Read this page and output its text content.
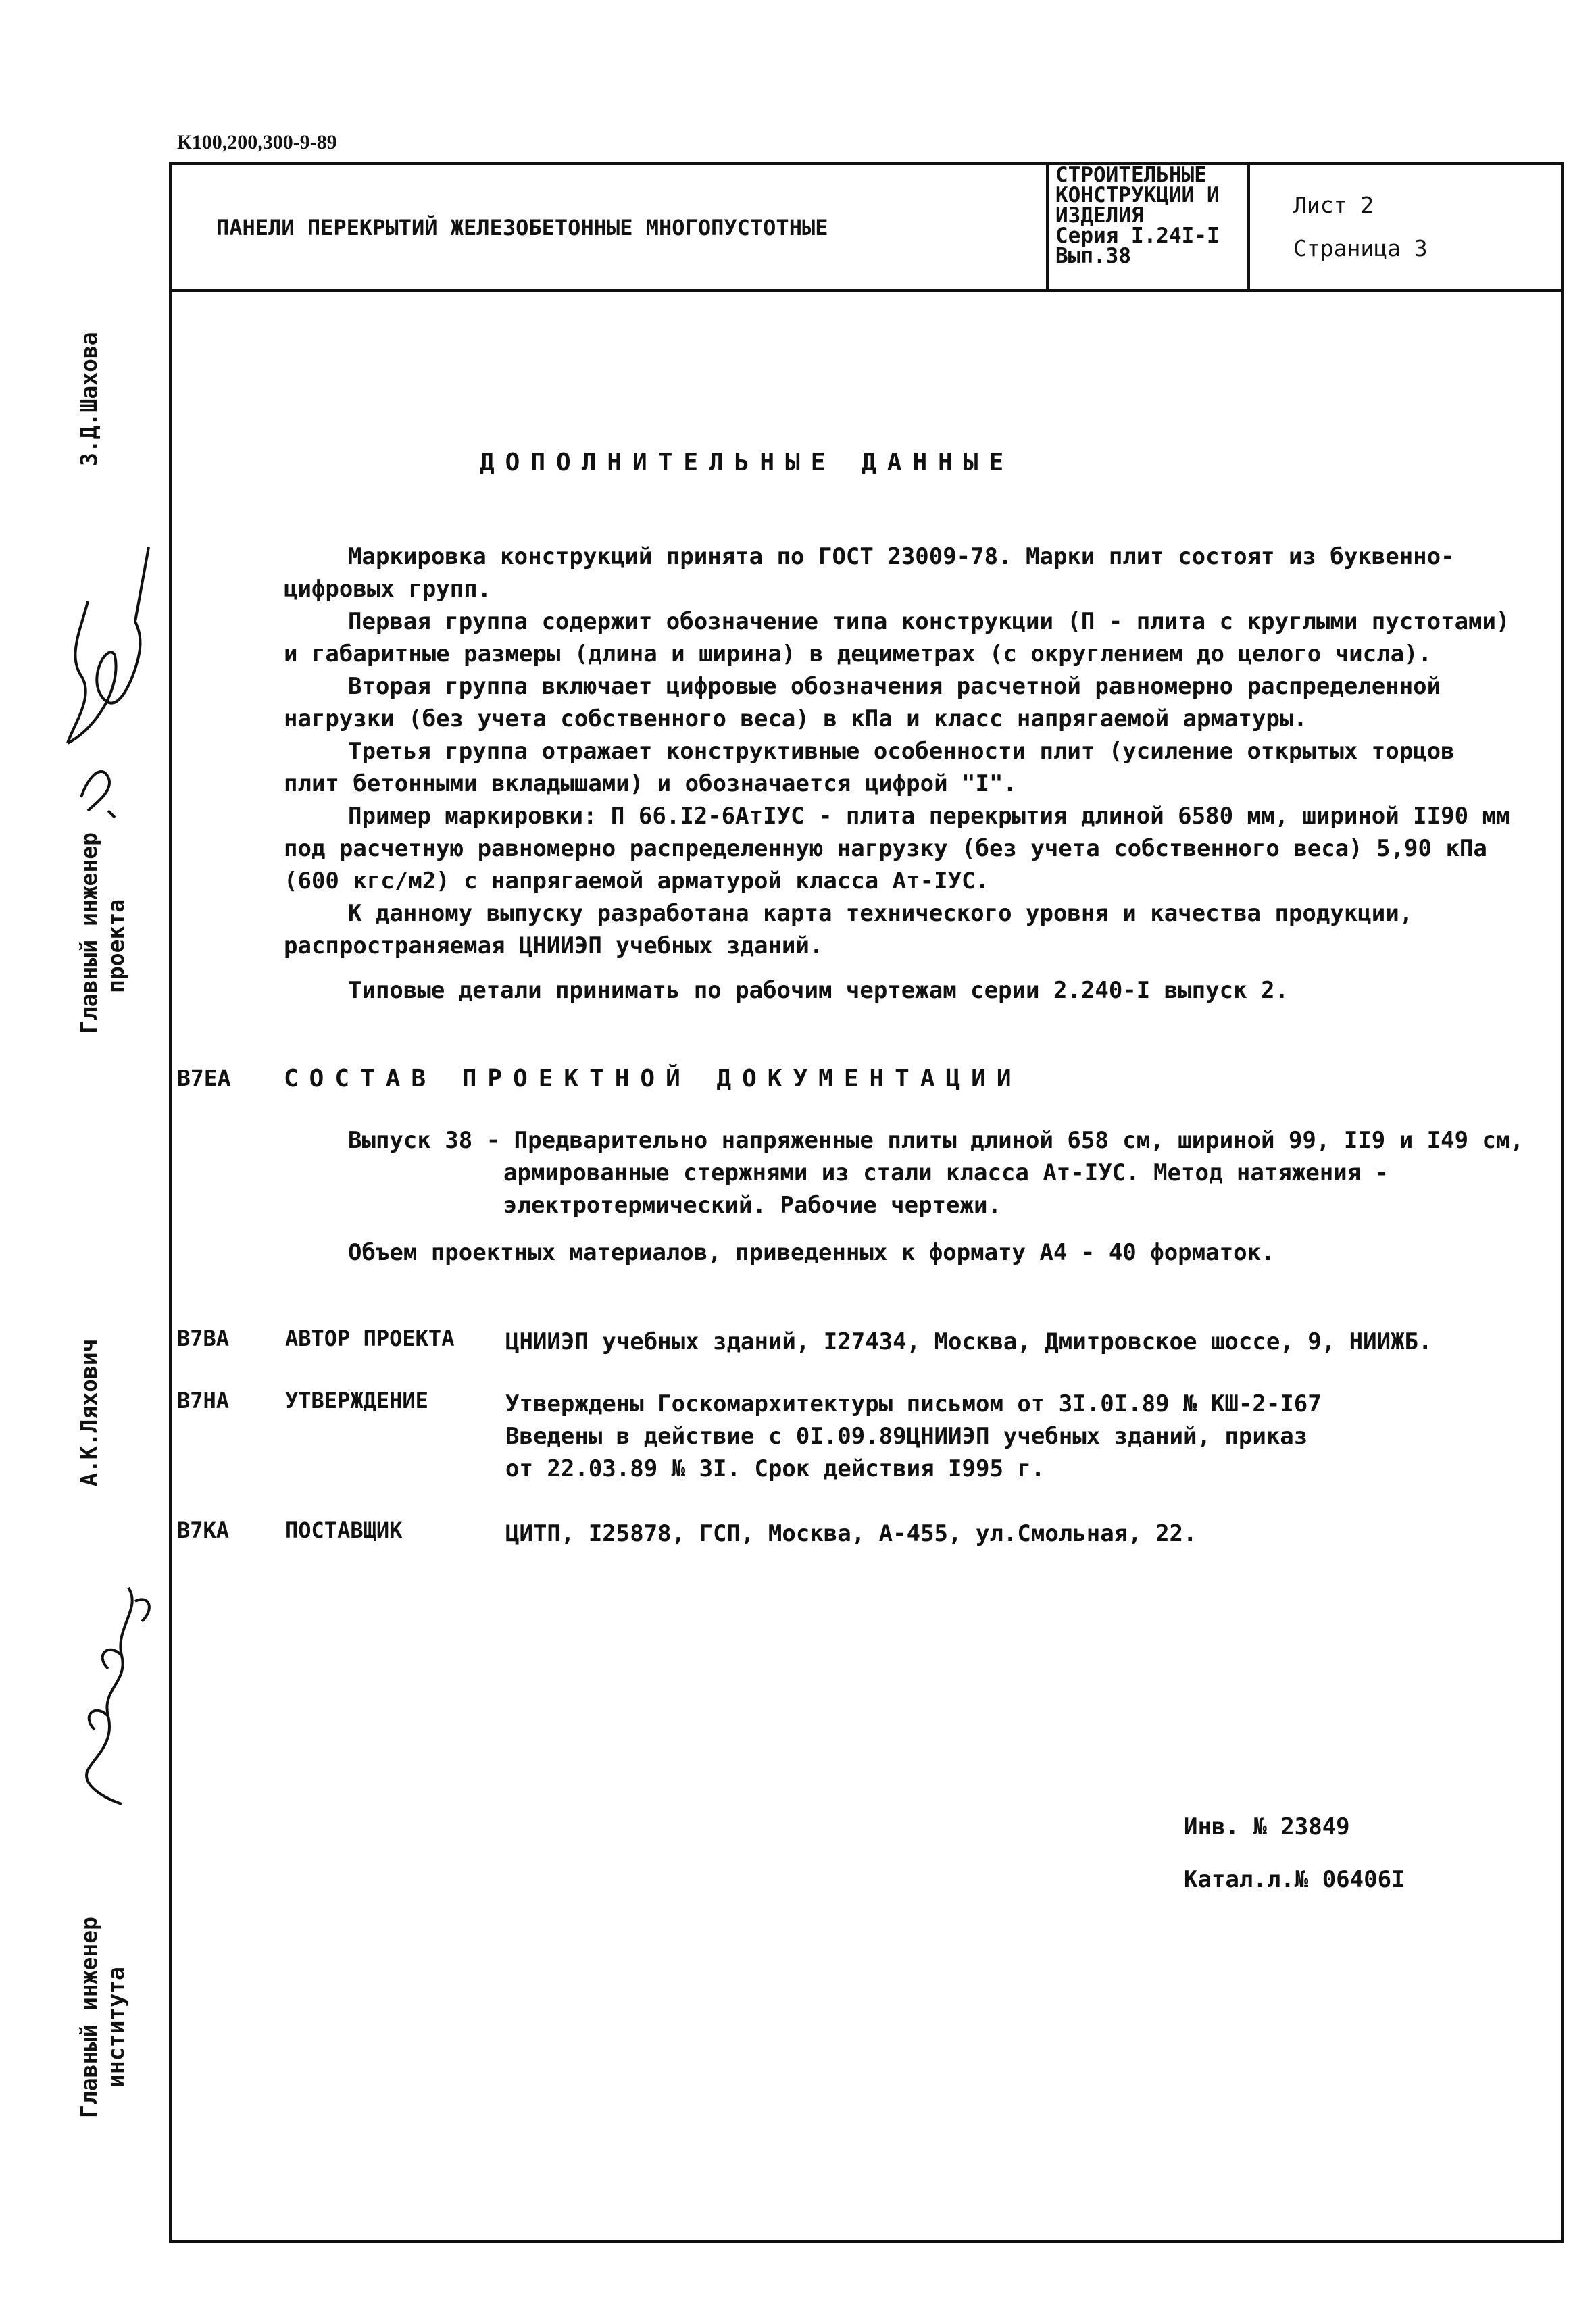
К100,200,300-9-89
ПАНЕЛИ ПЕРЕКРЫТИЙ ЖЕЛЕЗОБЕТОННЫЕ МНОГОПУСТОТНЫЕ
СТРОИТЕЛЬНЫЕ
КОНСТРУКЦИИ И
ИЗДЕЛИЯ
Серия I.24I-I
Вып.38
Лист 2
Страница 3
ДОПОЛНИТЕЛЬНЫЕ ДАННЫЕ

Маркировка конструкций принята по ГОСТ 23009-78. Марки плит состоят из буквенно-

цифровых групп.

Первая группа содержит обозначение типа конструкции (П - плита с круглыми пустотами)

и габаритные размеры (длина и ширина) в дециметрах (с округлением до целого числа).

Вторая группа включает цифровые обозначения расчетной равномерно распределенной

нагрузки (без учета собственного веса) в кПа и класс напрягаемой арматуры.

Третья группа отражает конструктивные особенности плит (усиление открытых торцов

плит бетонными вкладышами) и обозначается цифрой "I".

Пример маркировки: П 66.I2-6АтIУС - плита перекрытия длиной 6580 мм, шириной II90 мм

под расчетную равномерно распределенную нагрузку (без учета собственного веса) 5,90 кПа

(600 кгс/м2) с напрягаемой арматурой класса Ат-IУС.

К данному выпуску разработана карта технического уровня и качества продукции,

распространяемая ЦНИИЭП учебных зданий.

Типовые детали принимать по рабочим чертежам серии 2.240-I выпуск 2.

В7ЕА СОСТАВ ПРОЕКТНОЙ ДОКУМЕНТАЦИИ
Выпуск 38 - Предварительно напряженные плиты длиной 658 см, шириной 99, II9 и I49 см,
армированные стержнями из стали класса Ат-IУС. Метод натяжения -
электротермический. Рабочие чертежи.
Объем проектных материалов, приведенных к формату А4 - 40 форматок.
В7ВА	АВТОР ПРОЕКТА ЦНИИЭП учебных зданий, I27434, Москва, Дмитровское шоссе, 9, НИИЖБ.
В7НА	УТВЕРЖДЕНИЕ	Утверждены Госкомархитектуры письмом от 3I.0I.89 № КШ-2-I67
Введены в действие с 0I.09.89ЦНИИЭП учебных зданий, приказ
от 22.03.89 № 3I. Срок действия I995 г.
В7КА	ПОСТАВЩИК	ЦИТП, I25878, ГСП, Москва, А-455, ул.Смольная, 22.
Инв. № 23849
Катал.л.№ 06406I
З.Д.Шахова
Главный инженер проекта
А.К.Ляхович
Главный инженер института
